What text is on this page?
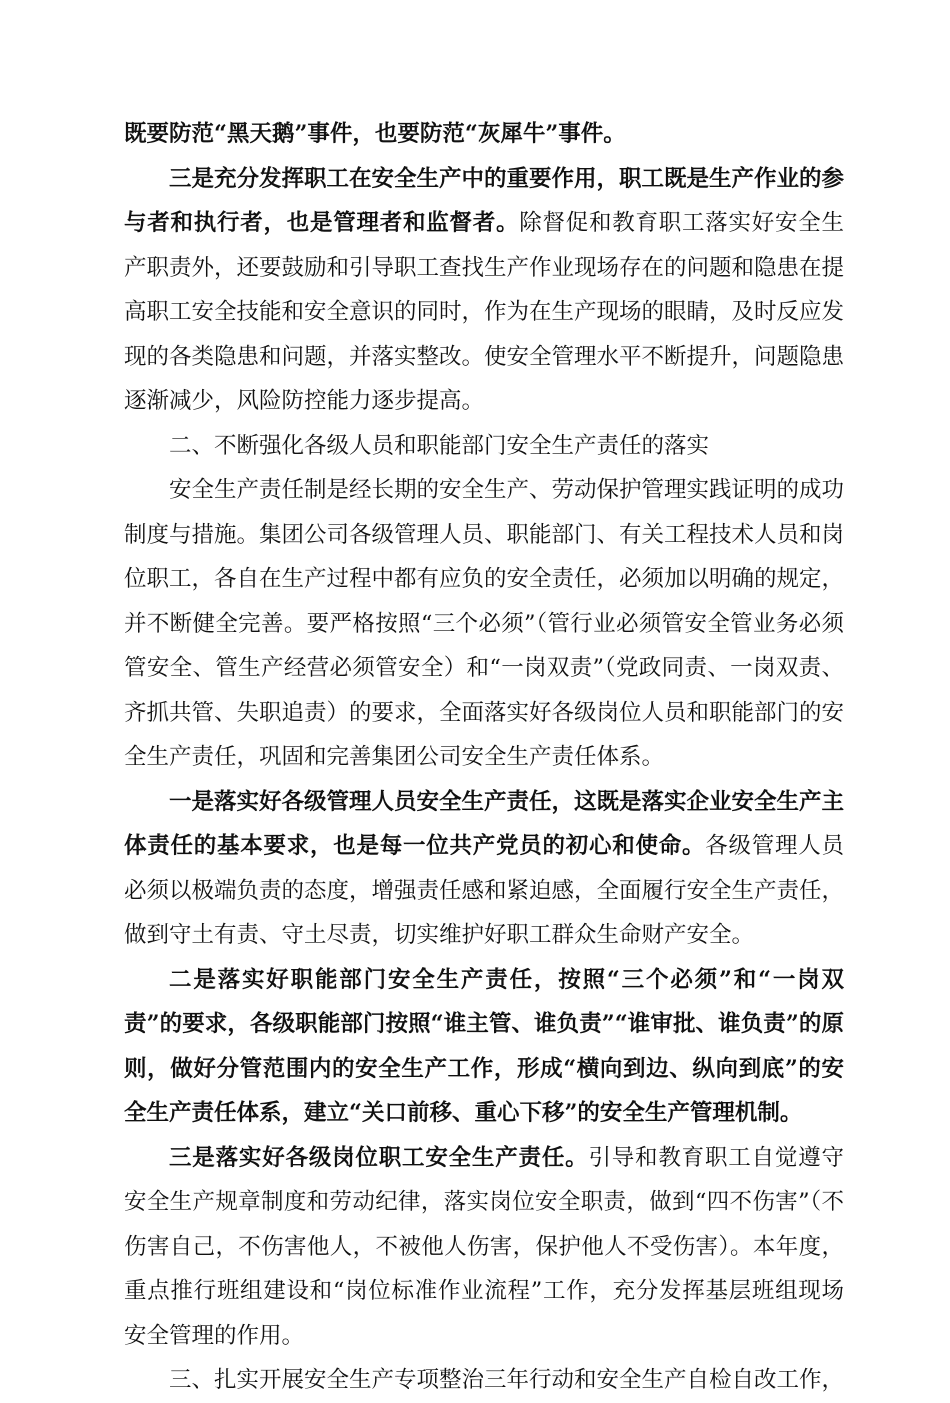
既要防范“黑天鹅”事件，也要防范“灰犀牛”事件。

三是充分发挥职工在安全生产中的重要作用，职工既是生产作业的参与者和执行者，也是管理者和监督者。除督促和教育职工落实好安全生产职责外，还要鼓励和引导职工查找生产作业现场存在的问题和隐患在提高职工安全技能和安全意识的同时，作为在生产现场的眼睛，及时反应发现的各类隐患和问题，并落实整改。使安全管理水平不断提升，问题隐患逐渐减少，风险防控能力逐步提高。

二、不断强化各级人员和职能部门安全生产责任的落实

安全生产责任制是经长期的安全生产、劳动保护管理实践证明的成功制度与措施。集团公司各级管理人员、职能部门、有关工程技术人员和岗位职工，各自在生产过程中都有应负的安全责任，必须加以明确的规定，并不断健全完善。要严格按照“三个必须”（管行业必须管安全管业务必须管安全、管生产经营必须管安全）和“一岗双责”（党政同责、一岗双责、齐抓共管、失职追责）的要求，全面落实好各级岗位人员和职能部门的安全生产责任，巩固和完善集团公司安全生产责任体系。

一是落实好各级管理人员安全生产责任，这既是落实企业安全生产主体责任的基本要求，也是每一位共产党员的初心和使命。各级管理人员必须以极端负责的态度，增强责任感和紧迫感，全面履行安全生产责任，做到守土有责、守土尽责，切实维护好职工群众生命财产安全。

二是落实好职能部门安全生产责任，按照“三个必须”和“一岗双责”的要求，各级职能部门按照“谁主管、谁负责”“谁审批、谁负责”的原则，做好分管范围内的安全生产工作，形成“横向到边、纵向到底”的安全生产责任体系，建立“关口前移、重心下移”的安全生产管理机制。

三是落实好各级岗位职工安全生产责任。引导和教育职工自觉遵守安全生产规章制度和劳动纪律，落实岗位安全职责，做到“四不伤害”（不伤害自己，不伤害他人，不被他人伤害，保护他人不受伤害）。本年度，重点推行班组建设和“岗位标准作业流程”工作，充分发挥基层班组现场安全管理的作用。

三、扎实开展安全生产专项整治三年行动和安全生产自检自改工作，
